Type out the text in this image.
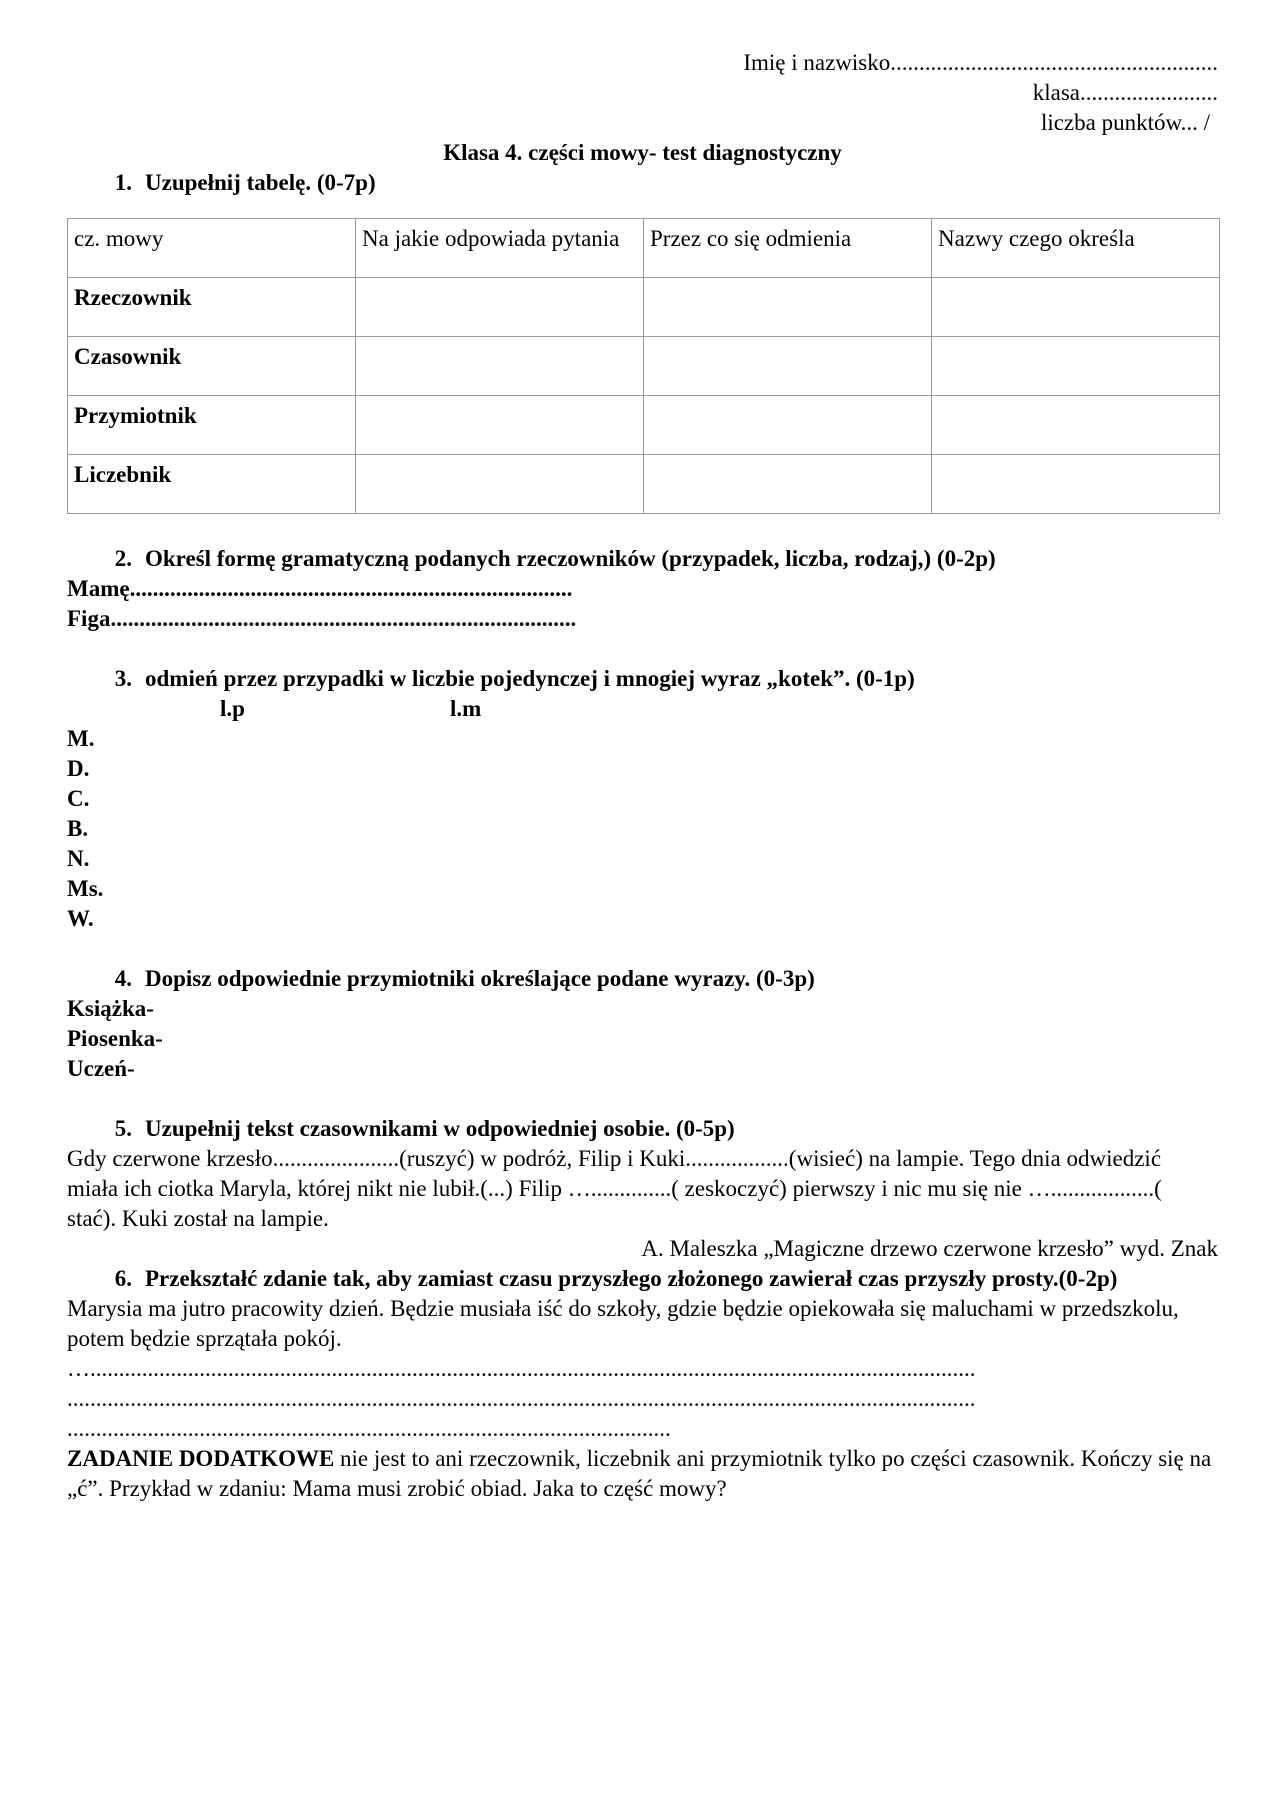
Imię i nazwisko.........................................................
klasa........................
liczba punktów... /
Klasa 4. części mowy- test diagnostyczny
1. Uzupełnij tabelę. (0-7p)
cz. mowy	Na jakie odpowiada pytania	Przez co się odmienia	Nazwy czego określa
Rzeczownik			
Czasownik			
Przymiotnik			
Liczebnik			
2. Określ formę gramatyczną podanych rzeczowników (przypadek, liczba, rodzaj,) (0-2p)
Mamę.............................................................................
Figa.................................................................................
3. odmień przez przypadki w liczbie pojedynczej i mnogiej wyraz „kotek”. (0-1p)
l.p	l.m
M.
D.
C.
B.
N.
Ms.
W.
4. Dopisz odpowiednie przymiotniki określające podane wyrazy. (0-3p)
Książka-
Piosenka-
Uczeń-
5. Uzupełnij tekst czasownikami w odpowiedniej osobie. (0-5p)
Gdy czerwone krzesło......................(ruszyć) w podróż, Filip i Kuki..................(wisieć) na lampie. Tego dnia odwiedzić miała ich ciotka Maryla, której nikt nie lubił.(...) Filip …..............( zeskoczyć) pierwszy i nic mu się nie …..................( stać). Kuki został na lampie.
A. Maleszka „Magiczne drzewo czerwone krzesło” wyd. Znak
6. Przekształć zdanie tak, aby zamiast czasu przyszłego złożonego zawierał czas przyszły prosty.(0-2p)
Marysia ma jutro pracowity dzień. Będzie musiała iść do szkoły, gdzie będzie opiekowała się maluchami w przedszkolu, potem będzie sprzątała pokój.
…..........................................................................................................................................................
..............................................................................................................................................................
.........................................................................................................
ZADANIE DODATKOWE nie jest to ani rzeczownik, liczebnik ani przymiotnik tylko po części czasownik. Kończy się na „ć”. Przykład w zdaniu: Mama musi zrobić obiad. Jaka to część mowy?
